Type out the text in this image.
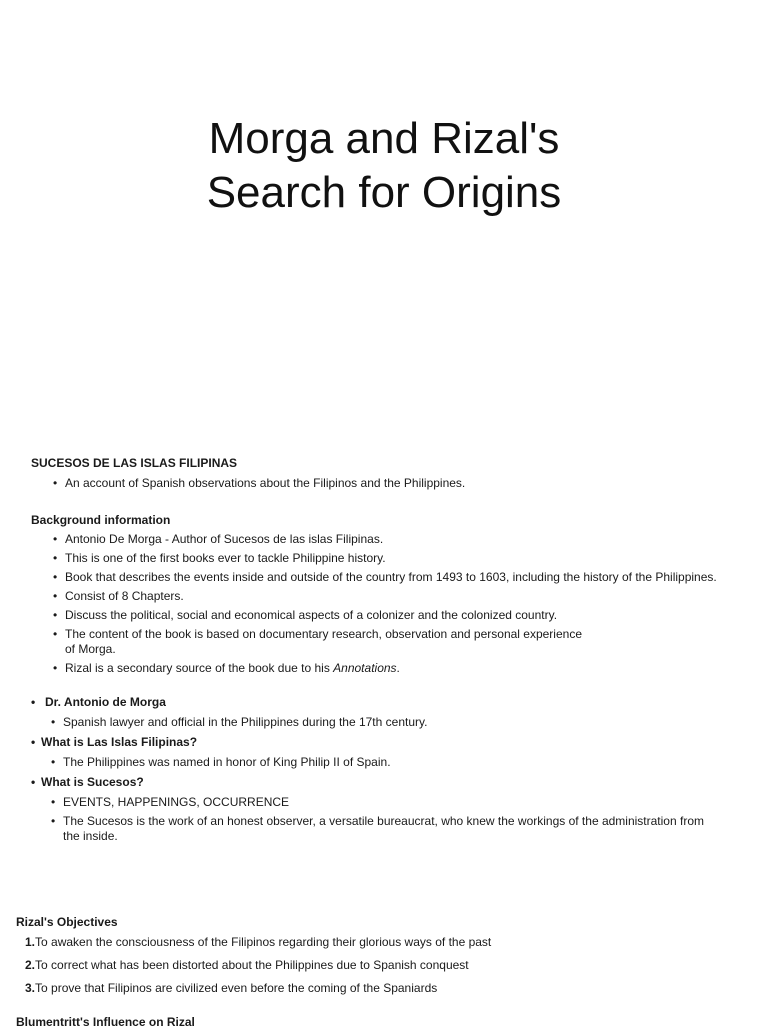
Morga and Rizal's
Search for Origins
SUCESOS DE LAS ISLAS FILIPINAS
• An account of Spanish observations about the Filipinos and the Philippines.
Background information
• Antonio De Morga - Author of Sucesos de las islas Filipinas.
• This is one of the first books ever to tackle Philippine history.
• Book that describes the events inside and outside of the country from 1493 to 1603, including the history of the Philippines.
• Consist of 8 Chapters.
• Discuss the political, social and economical aspects of a colonizer and the colonized country.
• The content of the book is based on documentary research, observation and personal experience
of Morga.
• Rizal is a secondary source of the book due to his Annotations.
• Dr. Antonio de Morga
• Spanish lawyer and official in the Philippines during the 17th century.
• What is Las Islas Filipinas?
• The Philippines was named in honor of King Philip II of Spain.
• What is Sucesos?
• EVENTS, HAPPENINGS, OCCURRENCE
• The Sucesos is the work of an honest observer, a versatile bureaucrat, who knew the workings of the administration from
the inside.
Rizal's Objectives
1.To awaken the consciousness of the Filipinos regarding their glorious ways of the past
2.To correct what has been distorted about the Philippines due to Spanish conquest
3.To prove that Filipinos are civilized even before the coming of the Spaniards
Blumentritt's Influence on Rizal
